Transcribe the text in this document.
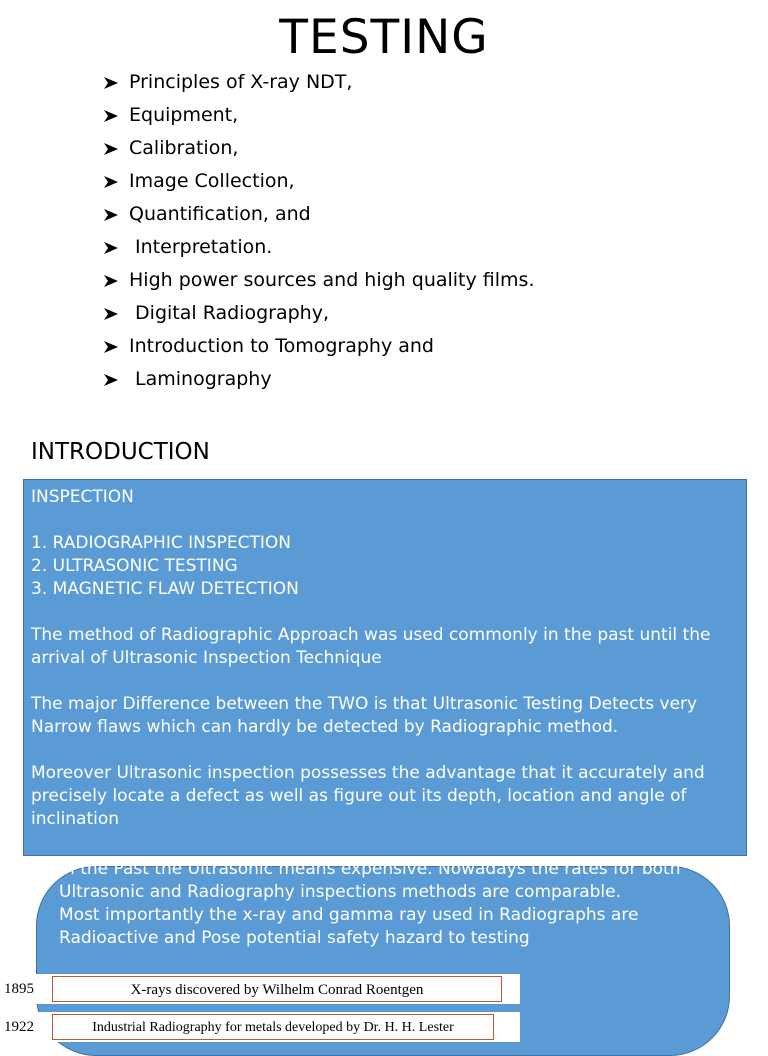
TESTING
Principles of X-ray NDT,
Equipment,
Calibration,
Image Collection,
Quantification, and
Interpretation.
High power sources and high quality films.
Digital Radiography,
Introduction to Tomography and
Laminography
INTRODUCTION

THREE COMMON NON-DESTRUCTIVE TESTING METHODS ARE USED FOR WELD INSPECTION

1. RADIOGRAPHIC INSPECTION

2. ULTRASONIC TESTING

3. MAGNETIC FLAW DETECTION

The method of Radiographic Approach was used commonly in the past until the arrival of Ultrasonic Inspection Technique

The major Difference between the TWO is that Ultrasonic Testing Detects very Narrow flaws which can hardly be detected by Radiographic method.

Moreover Ultrasonic inspection possesses the advantage that it accurately and precisely locate a defect as well as figure out its depth, location and angle of inclination

In the Past the Ultrasonic means expensive. Nowadays the rates for both Ultrasonic and Radiography inspections methods are comparable.

Most importantly the x-ray and gamma ray used in Radiographs are Radioactive and Pose potential safety hazard to testing

1895	X-rays discovered by Wilhelm Conrad Roentgen
1922	Industrial Radiography for metals developed by Dr. H. H. Lester
